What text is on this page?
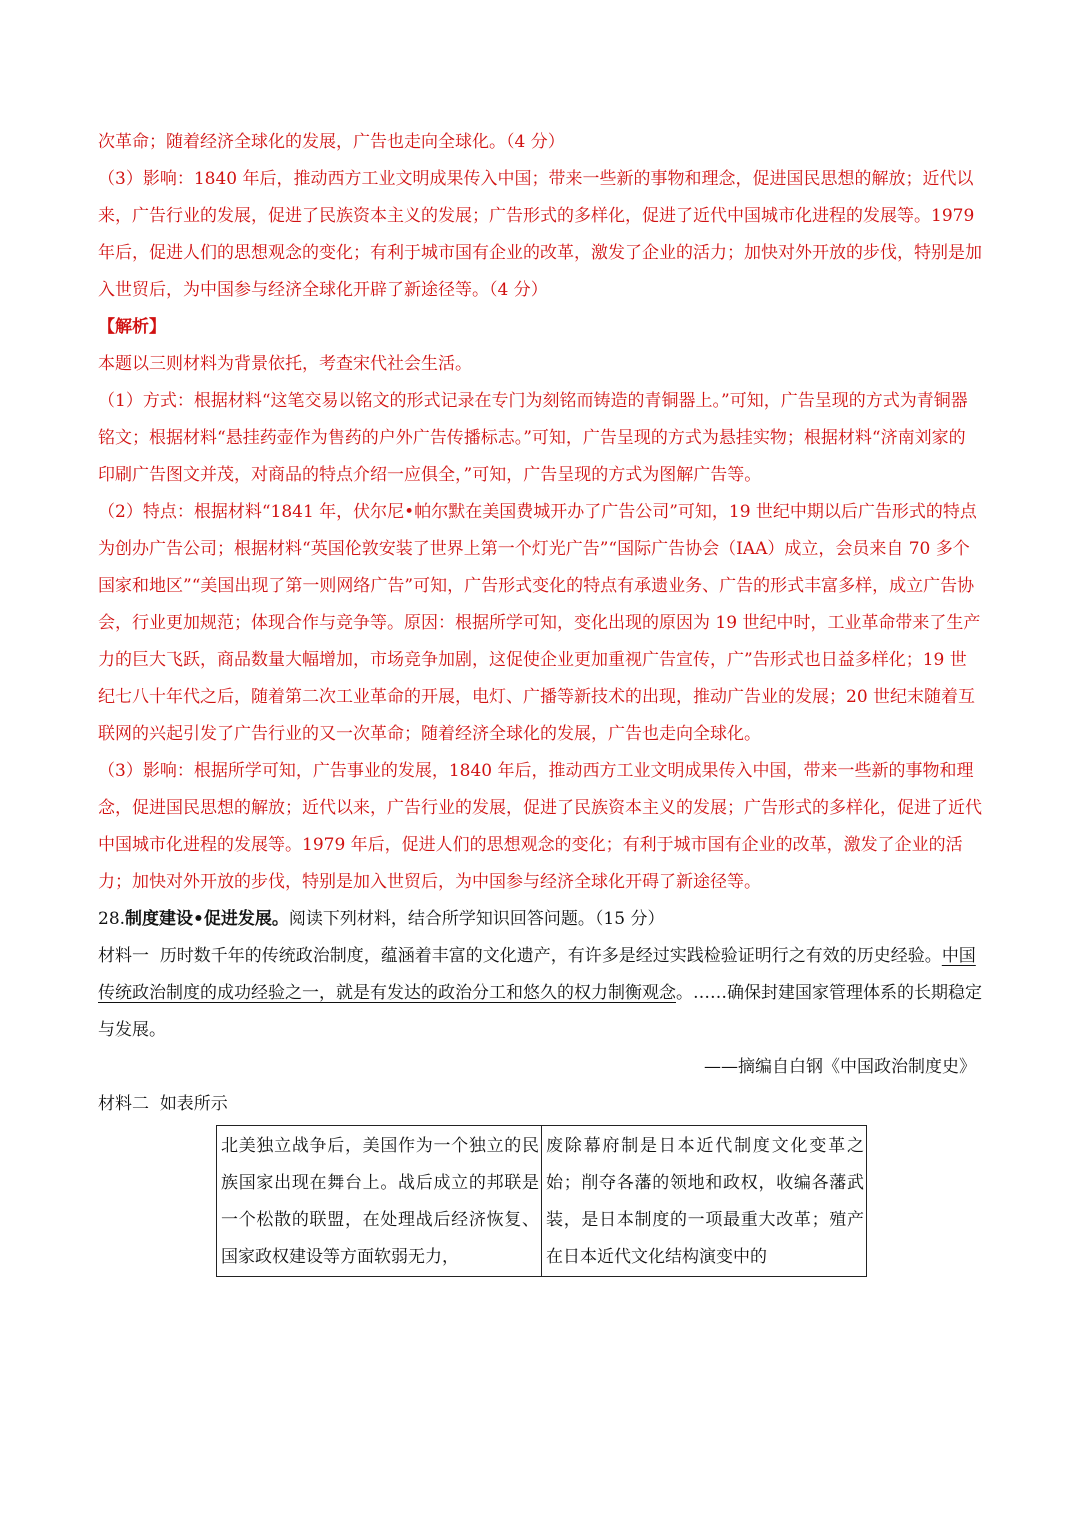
次革命；随着经济全球化的发展，广告也走向全球化。（4 分）

（3）影响：1840 年后，推动西方工业文明成果传入中国；带来一些新的事物和理念，促进国民思想的解放；近代以来，广告行业的发展，促进了民族资本主义的发展；广告形式的多样化，促进了近代中国城市化进程的发展等。1979 年后，促进人们的思想观念的变化；有利于城市国有企业的改革，激发了企业的活力；加快对外开放的步伐，特别是加入世贸后，为中国参与经济全球化开辟了新途径等。（4 分）

【解析】

本题以三则材料为背景依托，考查宋代社会生活。

（1）方式：根据材料“这笔交易以铭文的形式记录在专门为刻铭而铸造的青铜器上。”可知，广告呈现的方式为青铜器铭文；根据材料“悬挂药壶作为售药的户外广告传播标志。”可知，广告呈现的方式为悬挂实物；根据材料“济南刘家的印刷广告图文并茂，对商品的特点介绍一应俱全，”可知，广告呈现的方式为图解广告等。

（2）特点：根据材料“1841 年，伏尔尼•帕尔默在美国费城开办了广告公司”可知，19 世纪中期以后广告形式的特点为创办广告公司；根据材料“英国伦敦安装了世界上第一个灯光广告”“国际广告协会（IAA）成立，会员来自 70 多个国家和地区”“美国出现了第一则网络广告”可知，广告形式变化的特点有承遗业务、广告的形式丰富多样，成立广告协会，行业更加规范；体现合作与竞争等。原因：根据所学可知，变化出现的原因为 19 世纪中时，工业革命带来了生产力的巨大飞跃，商品数量大幅增加，市场竞争加剧，这促使企业更加重视广告宣传，广”告形式也日益多样化；19 世纪七八十年代之后，随着第二次工业革命的开展，电灯、广播等新技术的出现，推动广告业的发展；20 世纪末随着互联网的兴起引发了广告行业的又一次革命；随着经济全球化的发展，广告也走向全球化。

（3）影响：根据所学可知，广告事业的发展，1840 年后，推动西方工业文明成果传入中国，带来一些新的事物和理念，促进国民思想的解放；近代以来，广告行业的发展，促进了民族资本主义的发展；广告形式的多样化，促进了近代中国城市化进程的发展等。1979 年后，促进人们的思想观念的变化；有利于城市国有企业的改革，激发了企业的活力；加快对外开放的步伐，特别是加入世贸后，为中国参与经济全球化开碍了新途径等。

28.制度建设•促进发展。阅读下列材料，结合所学知识回答问题。（15 分）

材料一 历时数千年的传统政治制度，蕴涵着丰富的文化遗产，有许多是经过实践检验证明行之有效的历史经验。中国传统政治制度的成功经验之一，就是有发达的政治分工和悠久的权力制衡观念。……确保封建国家管理体系的长期稳定与发展。

——摘编自白钢《中国政治制度史》

材料二 如表所示

北美独立战争后，美国作为一个独立的民族国家出现在舞台上。战后成立的邦联是一个松散的联盟，在处理战后经济恢复、国家政权建设等方面软弱无力，	废除幕府制是日本近代制度文化变革之始；削夺各藩的领地和政权，收编各藩武装，是日本制度的一项最重大改革；殖产在日本近代文化结构演变中的
